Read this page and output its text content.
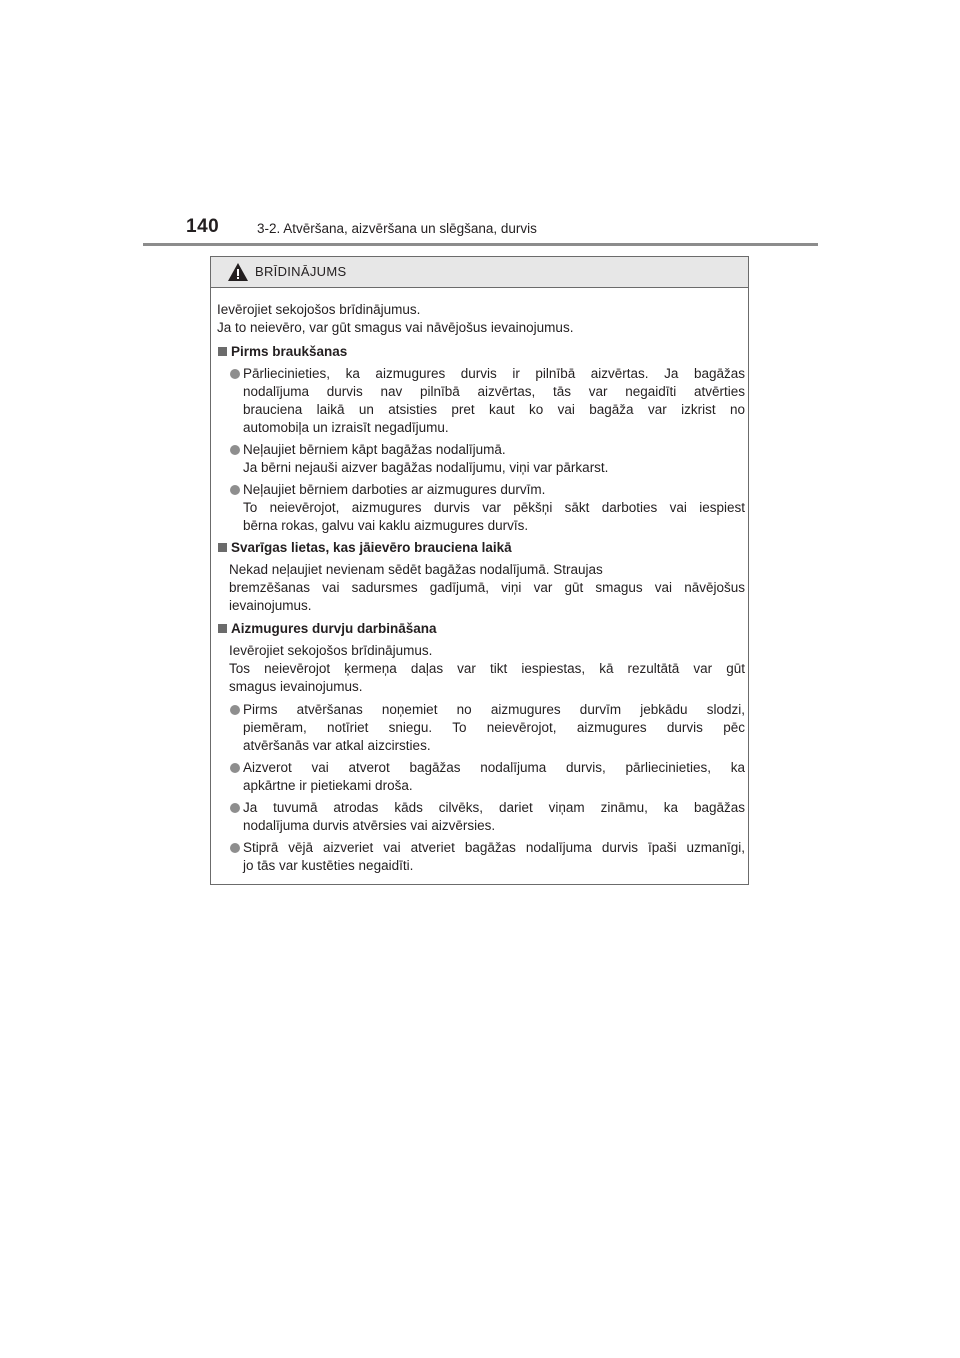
140	3-2. Atvēršana, aizvēršana un slēgšana, durvis
BRĪDINĀJUMS
Ievērojiet sekojošos brīdinājumus.
Ja to neievēro, var gūt smagus vai nāvējošus ievainojumus.
Pirms braukšanas
Pārliecinieties, ka aizmugures durvis ir pilnībā aizvērtas. Ja bagāžas
nodalījuma durvis nav pilnībā aizvērtas, tās var negaidīti atvērties
brauciena laikā un atsisties pret kaut ko vai bagāža var izkrist no
automobiļa un izraisīt negadījumu.
Neļaujiet bērniem kāpt bagāžas nodalījumā.
Ja bērni nejauši aizver bagāžas nodalījumu, viņi var pārkarst.
Neļaujiet bērniem darboties ar aizmugures durvīm.
To neievērojot, aizmugures durvis var pēkšņi sākt darboties vai iespiest
bērna rokas, galvu vai kaklu aizmugures durvīs.
Svarīgas lietas, kas jāievēro brauciena laikā
Nekad neļaujiet nevienam sēdēt bagāžas nodalījumā. Straujas
bremzēšanas vai sadursmes gadījumā, viņi var gūt smagus vai nāvējošus
ievainojumus.
Aizmugures durvju darbināšana
Ievērojiet sekojošos brīdinājumus.
Tos neievērojot ķermeņa daļas var tikt iespiestas, kā rezultātā var gūt
smagus ievainojumus.
Pirms atvēršanas noņemiet no aizmugures durvīm jebkādu slodzi,
piemēram, notīriet sniegu. To neievērojot, aizmugures durvis pēc
atvēršanās var atkal aizcirsties.
Aizverot vai atverot bagāžas nodalījuma durvis, pārliecinieties, ka
apkārtne ir pietiekami droša.
Ja tuvumā atrodas kāds cilvēks, dariet viņam zināmu, ka bagāžas
nodalījuma durvis atvērsies vai aizvērsies.
Stiprā vējā aizveriet vai atveriet bagāžas nodalījuma durvis īpaši uzmanīgi,
jo tās var kustēties negaidīti.
